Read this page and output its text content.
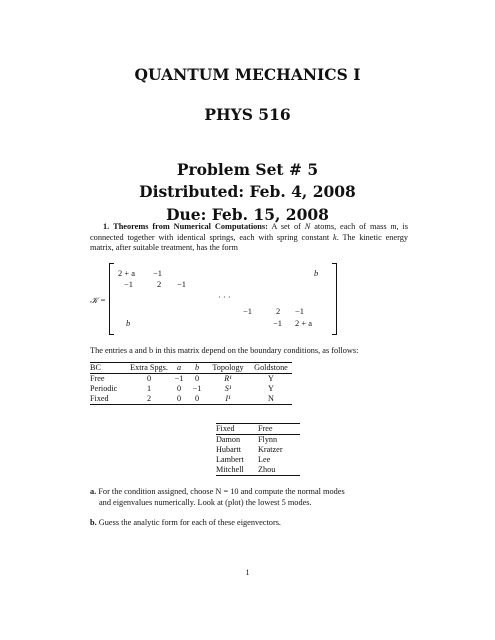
QUANTUM MECHANICS I
PHYS 516
Problem Set # 5
Distributed: Feb. 4, 2008
Due: Feb. 15, 2008

1. Theorems from Numerical Computations: A set of N atoms, each of mass m, is connected together with identical springs, each with spring constant k. The kinetic energy matrix, after suitable treatment, has the form

𝒦 =
2 + a −1	b
−1	2 −1
· · ·
−1	2 −1
b	−1 2 + a

The entries a and b in this matrix depend on the boundary conditions, as follows:

BC	Extra Spgs.	a	b	Topology	Goldstone
Free	0	−1	0	R¹	Y
Periodic	1	0	−1	S¹	Y
Fixed	2	0	0	I¹	N
Fixed	Free
Damon	Flynn
Hubartt	Kratzer
Lambert	Lee
Mitchell	Zhou

a. For the condition assigned, choose N = 10 and compute the normal modes
and eigenvalues numerically. Look at (plot) the lowest 5 modes.

b. Guess the analytic form for each of these eigenvectors.

1
